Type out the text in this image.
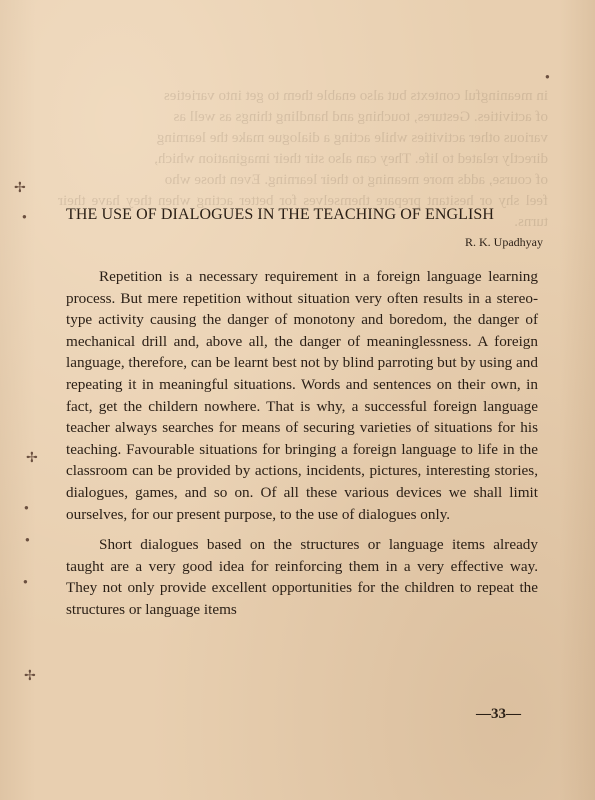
in meaningful contexts but also enable them to get into varieties

of activities. Gestures, touching and handling things as well as

various other activities while acting a dialogue make the learning

directly related to life. They can also stir their imagination which,

of course, adds more meaning to their learning. Even those who

feel shy or hesitant prepare themselves for better acting when they have their turns.

✢
●
✢
●
●
●
✢
●
THE USE OF DIALOGUES IN THE TEACHING OF ENGLISH
R. K. Upadhyay

Repetition is a necessary requirement in a foreign language learning process. But mere repetition without situation very often results in a stereo-type activity causing the danger of monotony and boredom, the danger of mechanical drill and, above all, the danger of meaninglessness. A foreign language, therefore, can be learnt best not by blind parroting but by using and repeating it in meaningful situations. Words and sentences on their own, in fact, get the childern nowhere. That is why, a successful foreign language teacher always searches for means of securing varieties of situations for his teaching. Favourable situations for bringing a foreign language to life in the classroom can be provided by actions, incidents, pictures, interesting stories, dialogues, games, and so on. Of all these various devices we shall limit ourselves, for our present purpose, to the use of dialogues only.

Short dialogues based on the structures or language items already taught are a very good idea for reinforcing them in a very effective way. They not only provide excellent opportunities for the children to repeat the structures or language items

—33—
